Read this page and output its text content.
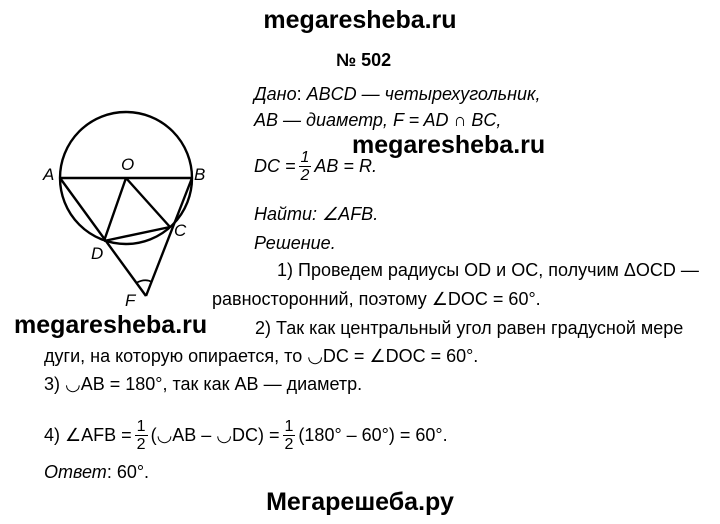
megaresheba.ru
megaresheba.ru
megaresheba.ru
Мегарешеба.ру
№ 502
A	B
O
C
D
F
Дано: ABCD — четырехугольник,
AB — диаметр, F = AD ∩ BC,
DC = $\frac{1}{2}$ AB = R.
Найти: ∠AFB.
Решение.
1) Проведем радиусы OD и OC, получим ΔOCD —
равносторонний, поэтому ∠DOC = 60°.
2) Так как центральный угол равен градусной мере
дуги, на которую опирается, то ◡DC = ∠DOC = 60°.
3) ◡AB = 180°, так как AB — диаметр.
4) ∠AFB = $\frac{1}{2}$ (◡AB – ◡DC) = $\frac{1}{2} (180^\circ - 60^\circ) = 60^\circ$.
Ответ: 60°.
